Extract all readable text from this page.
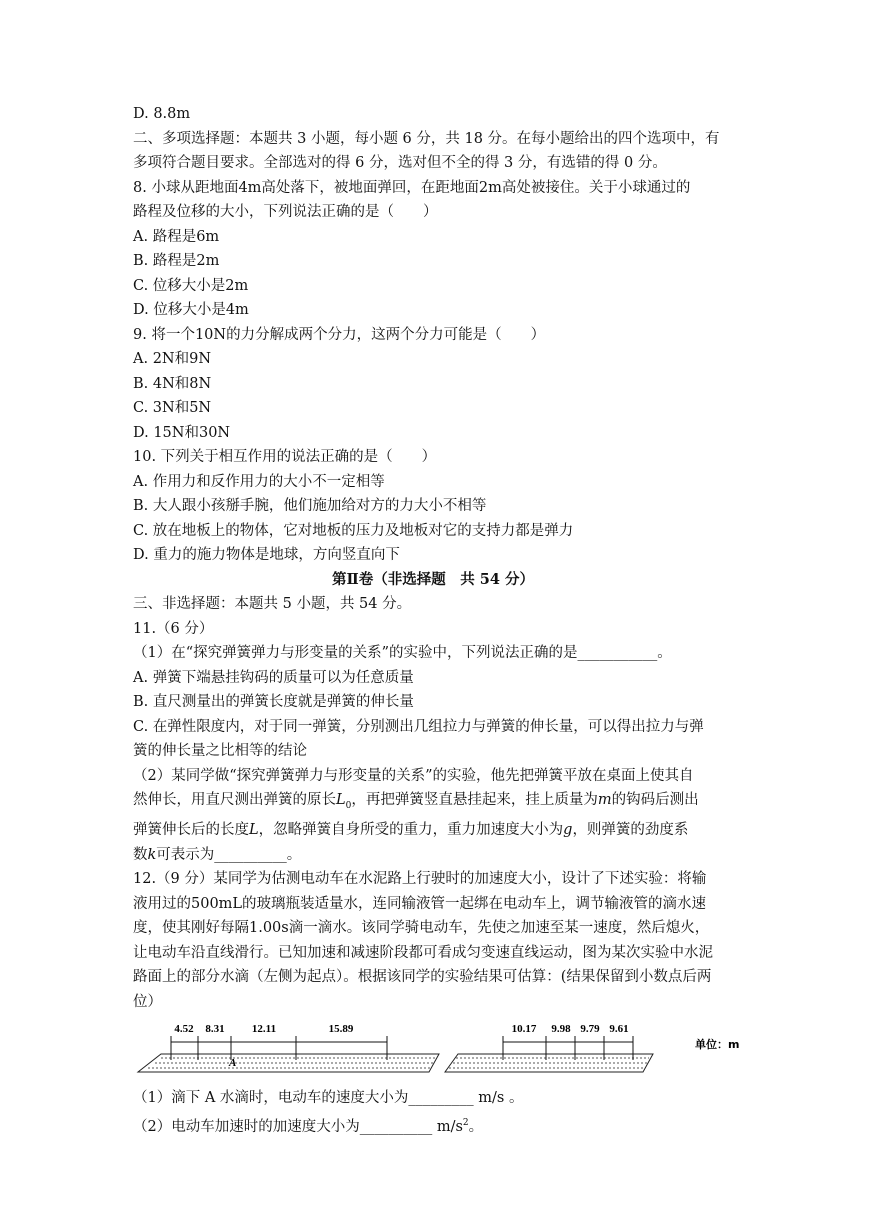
D. 8.8m
二、多项选择题：本题共 3 小题，每小题 6 分，共 18 分。在每小题给出的四个选项中，有
多项符合题目要求。全部选对的得 6 分，选对但不全的得 3 分，有选错的得 0 分。
8. 小球从距地面4m高处落下，被地面弹回，在距地面2m高处被接住。关于小球通过的
路程及位移的大小，下列说法正确的是（　　）
A. 路程是6m
B. 路程是2m
C. 位移大小是2m
D. 位移大小是4m
9. 将一个10N的力分解成两个分力，这两个分力可能是（　　）
A. 2N和9N
B. 4N和8N
C. 3N和5N
D. 15N和30N
10. 下列关于相互作用的说法正确的是（　　）
A. 作用力和反作用力的大小不一定相等
B. 大人跟小孩掰手腕，他们施加给对方的力大小不相等
C. 放在地板上的物体，它对地板的压力及地板对它的支持力都是弹力
D. 重力的施力物体是地球，方向竖直向下
第Ⅱ卷（非选择题　共 54 分）
三、非选择题：本题共 5 小题，共 54 分。
11.（6 分）
（1）在“探究弹簧弹力与形变量的关系”的实验中，下列说法正确的是___________。
A. 弹簧下端悬挂钩码的质量可以为任意质量
B. 直尺测量出的弹簧长度就是弹簧的伸长量
C. 在弹性限度内，对于同一弹簧，分别测出几组拉力与弹簧的伸长量，可以得出拉力与弹
簧的伸长量之比相等的结论
（2）某同学做“探究弹簧弹力与形变量的关系”的实验，他先把弹簧平放在桌面上使其自
然伸长，用直尺测出弹簧的原长$L_0$，再把弹簧竖直悬挂起来，挂上质量为m的钩码后测出
弹簧伸长后的长度L，忽略弹簧自身所受的重力，重力加速度大小为g，则弹簧的劲度系
数k可表示为__________。
12.（9 分）某同学为估测电动车在水泥路上行驶时的加速度大小，设计了下述实验：将输
液用过的500mL的玻璃瓶装适量水，连同输液管一起绑在电动车上，调节输液管的滴水速
度，使其刚好每隔1.00s滴一滴水。该同学骑电动车，先使之加速至某一速度，然后熄火，
让电动车沿直线滑行。已知加速和减速阶段都可看成匀变速直线运动，图为某次实验中水泥
路面上的部分水滴（左侧为起点）。根据该同学的实验结果可估算：(结果保留到小数点后两
位）
4.52 8.31 12.11	15.89
A
10.17 9.98 9.79 9.61
单位：m
（1）滴下 A 水滴时，电动车的速度大小为_________ m/s 。
（2）电动车加速时的加速度大小为__________ $m/s^2$。
